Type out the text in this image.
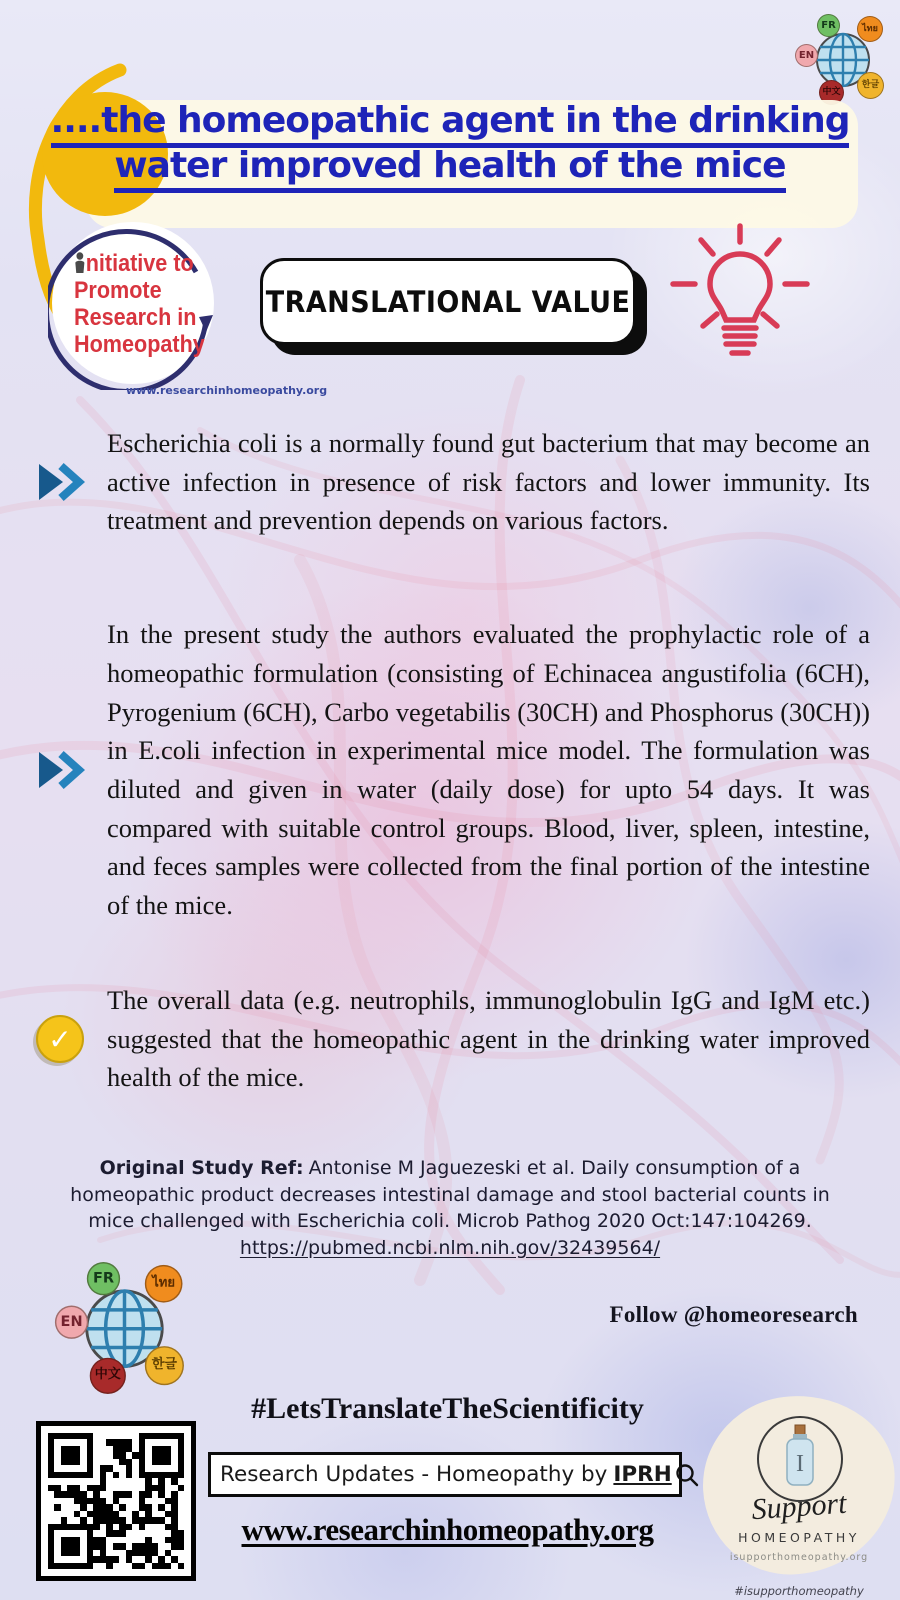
FR	ไทย
EN
中文
한글
....the homeopathic agent in the drinking
water improved health of the mice
nitiative to
Promote
Research in
Homeopathy
www.researchinhomeopathy.org
TRANSLATIONAL VALUE
Escherichia coli is a normally found gut bacterium that may become an active infection in presence of risk factors and lower immunity. Its treatment and prevention depends on various factors.
In the present study the authors evaluated the prophylactic role of a homeopathic formulation (consisting of Echinacea angustifolia (6CH), Pyrogenium (6CH), Carbo vegetabilis (30CH) and Phosphorus (30CH)) in E.coli infection in experimental mice model. The formulation was diluted and given in water (daily dose) for upto 54 days. It was compared with suitable control groups. Blood, liver, spleen, intestine, and feces samples were collected from the final portion of the intestine of the mice.
✓
The overall data (e.g. neutrophils, immunoglobulin IgG and IgM etc.) suggested that the homeopathic agent in the drinking water improved health of the mice.
Original Study Ref: Antonise M Jaguezeski et al. Daily consumption of a homeopathic product decreases intestinal damage and stool bacterial counts in mice challenged with Escherichia coli. Microb Pathog 2020 Oct:147:104269.
https://pubmed.ncbi.nlm.nih.gov/32439564/
FR	ไทย
EN
中文
한글
Follow @homeoresearch
#LetsTranslateTheScientificity
Research Updates - Homeopathy by IPRH
www.researchinhomeopathy.org
I
Support
HOMEOPATHY
isupporthomeopathy.org
#isupporthomeopathy
